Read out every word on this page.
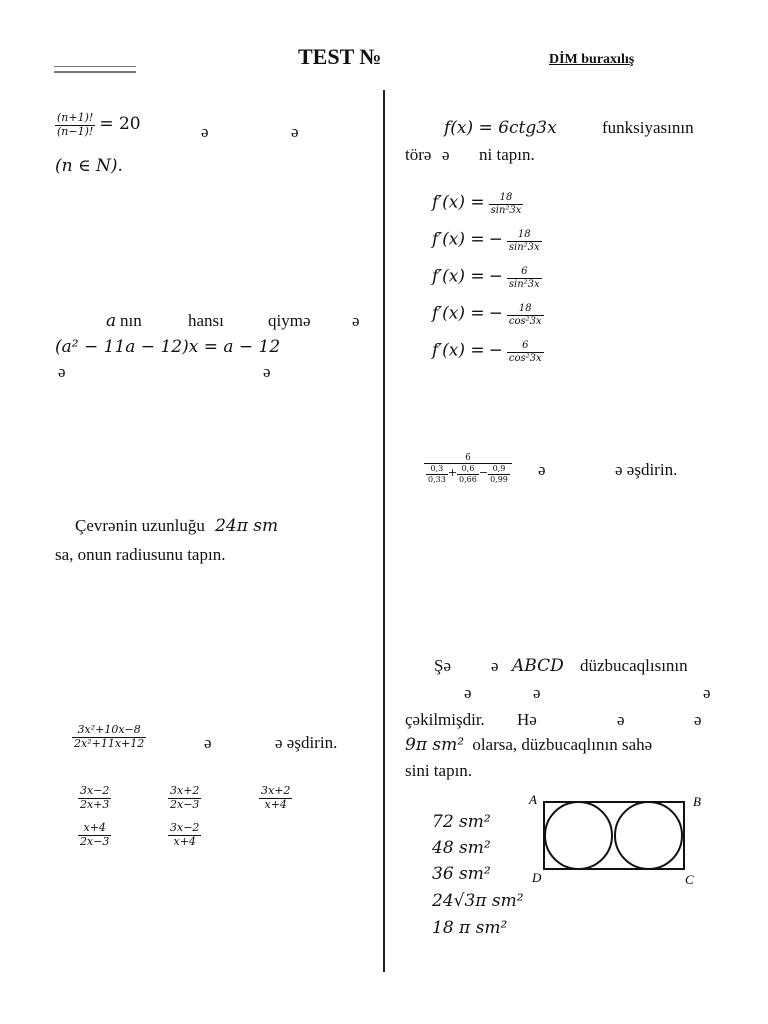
TEST №	DİM buraxılış
$\frac{(n+1)!}{(n-1)!} = 20$	ə	ə
(n ∈ N).
a nın	hansı	qiymə ə
(a² − 11a − 12)x = a − 12
ə	ə
Çevrənin uzunluğu 24π sm
sa, onun radiusunu tapın.
$\frac{\text{3x²+10x−8}}{\text{2x²+11x+12}}$	ə	ə əşdirin.
$\frac{3x-2}{2x+3}$	$\frac{3x+2}{2x-3}$	$\frac{3x+2}{x+4}$
$\frac{x+4}{2x-3}$	$\frac{3x-2}{x+4}$
f(x) = 6ctg3x	funksiyasının
törə ə ni tapın.
$f'(x) = \frac{18}{\text{sin²3x}}$
f′(x) = − $\frac{18}{\text{sin²3x}}$
f′(x) = − $\frac{6}{\text{sin²3x}}$
f′(x) = − $\frac{18}{\text{cos²3x}}$
f′(x) = − $\frac{6}{\text{cos²3x}}$
$\frac{6}{\frac{0,3}{0,33} + \frac{0,6}{0,66} - \frac{0,9}{0,99}}$ ə	ə əşdirin.
Şə ə ABCD düzbucaqlısının
ə	ə	ə
çəkilmişdir. Hə	ə	ə
9π sm² olarsa, düzbucaqlının sahə
sini tapın.
72 sm²
48 sm²
36 sm²
24√3π sm²
18 π sm²
A	B
C
D
